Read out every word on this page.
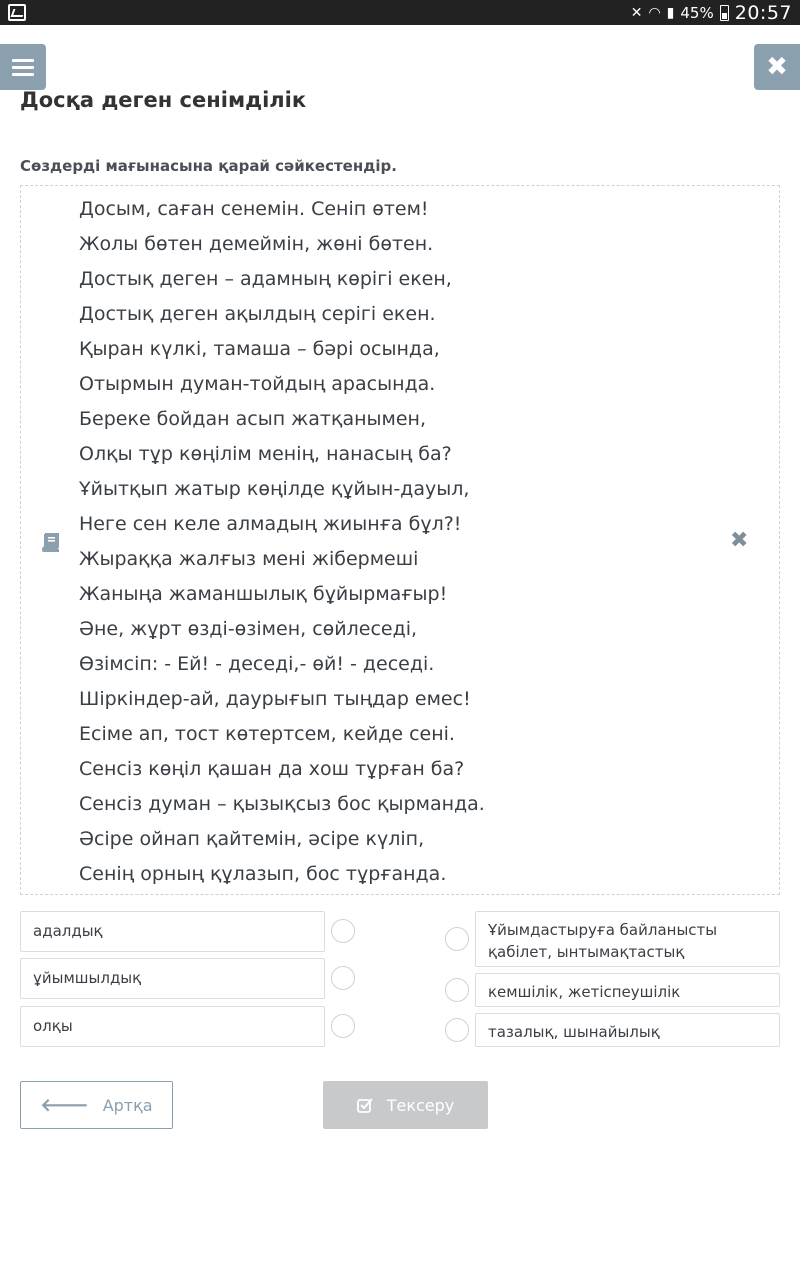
✕ ◠ ▮ 45% 20:57
✖
Досқа деген сенімділік
Сөздерді мағынасына қарай сәйкестендір.
Досым, саған сенемін. Сеніп өтем!
Жолы бөтен демеймін, жөні бөтен.
Достық деген – адамның көрігі екен,
Достық деген ақылдың серігі екен.
Қыран күлкі, тамаша – бәрі осында,
Отырмын думан-тойдың арасында.
Береке бойдан асып жатқанымен,
Олқы тұр көңілім менің, нанасың ба?
Ұйытқып жатыр көңілде құйын-дауыл,
Неге сен келе алмадың жиынға бұл?!
Жыраққа жалғыз мені жібермеші
Жаныңа жаманшылық бұйырмағыр!
Әне, жұрт өзді-өзімен, сөйлеседі,
Өзімсіп: - Ей! - деседі,- өй! - деседі.
Шіркіндер-ай, даурығып тыңдар емес!
Есіме ап, тост көтертсем, кейде сені.
Сенсіз көңіл қашан да хош тұрған ба?
Сенсіз думан – қызықсыз бос қырманда.
Әсіре ойнап қайтемін, әсіре күліп,
Сенің орның құлазып, бос тұрғанда.
✖
адалдық
ұйымшылдық
олқы
Ұйымдастыруға байланысты қабілет, ынтымақтастық
кемшілік, жетіспеушілік
тазалық, шынайылық
🡐 Артқа	Тексеру
